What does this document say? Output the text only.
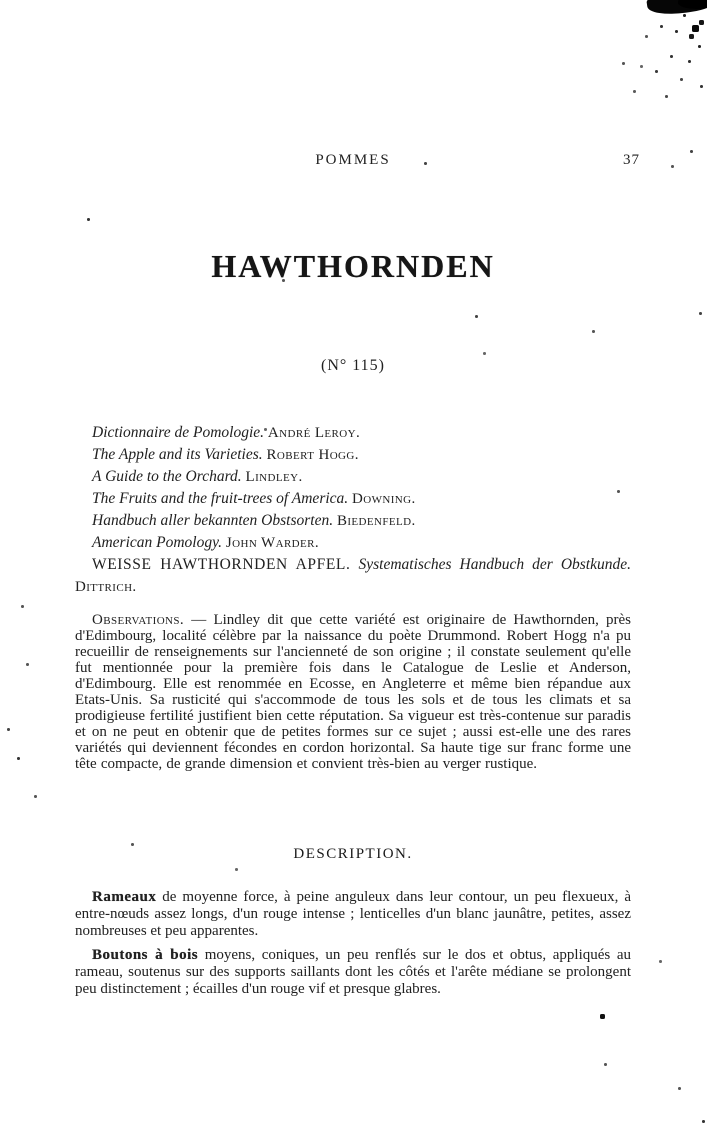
POMMES	37
HAWTHORNDEN
(N° 115)
Dictionnaire de Pomologie. André Leroy.
The Apple and its Varieties. Robert Hogg.
A Guide to the Orchard. Lindley.
The Fruits and the fruit-trees of America. Downing.
Handbuch aller bekannten Obstsorten. Biedenfeld.
American Pomology. John Warder.
WEISSE HAWTHORNDEN APFEL. Systematisches Handbuch der Obstkunde. Dittrich.

Observations. — Lindley dit que cette variété est originaire de Hawthornden, près d'Edimbourg, localité célèbre par la naissance du poète Drummond. Robert Hogg n'a pu recueillir de renseignements sur l'ancienneté de son origine ; il constate seulement qu'elle fut mentionnée pour la première fois dans le Catalogue de Leslie et Anderson, d'Edimbourg. Elle est renommée en Ecosse, en Angleterre et même bien répandue aux Etats-Unis. Sa rusticité qui s'accommode de tous les sols et de tous les climats et sa prodigieuse fertilité justifient bien cette réputation. Sa vigueur est très-contenue sur paradis et on ne peut en obtenir que de petites formes sur ce sujet ; aussi est-elle une des rares variétés qui deviennent fécondes en cordon horizontal. Sa haute tige sur franc forme une tête compacte, de grande dimension et convient très-bien au verger rustique.

DESCRIPTION.

Rameaux de moyenne force, à peine anguleux dans leur contour, un peu flexueux, à entre-nœuds assez longs, d'un rouge intense ; lenticelles d'un blanc jaunâtre, petites, assez nombreuses et peu apparentes.

Boutons à bois moyens, coniques, un peu renflés sur le dos et obtus, appliqués au rameau, soutenus sur des supports saillants dont les côtés et l'arête médiane se prolongent peu distinctement ; écailles d'un rouge vif et presque glabres.
